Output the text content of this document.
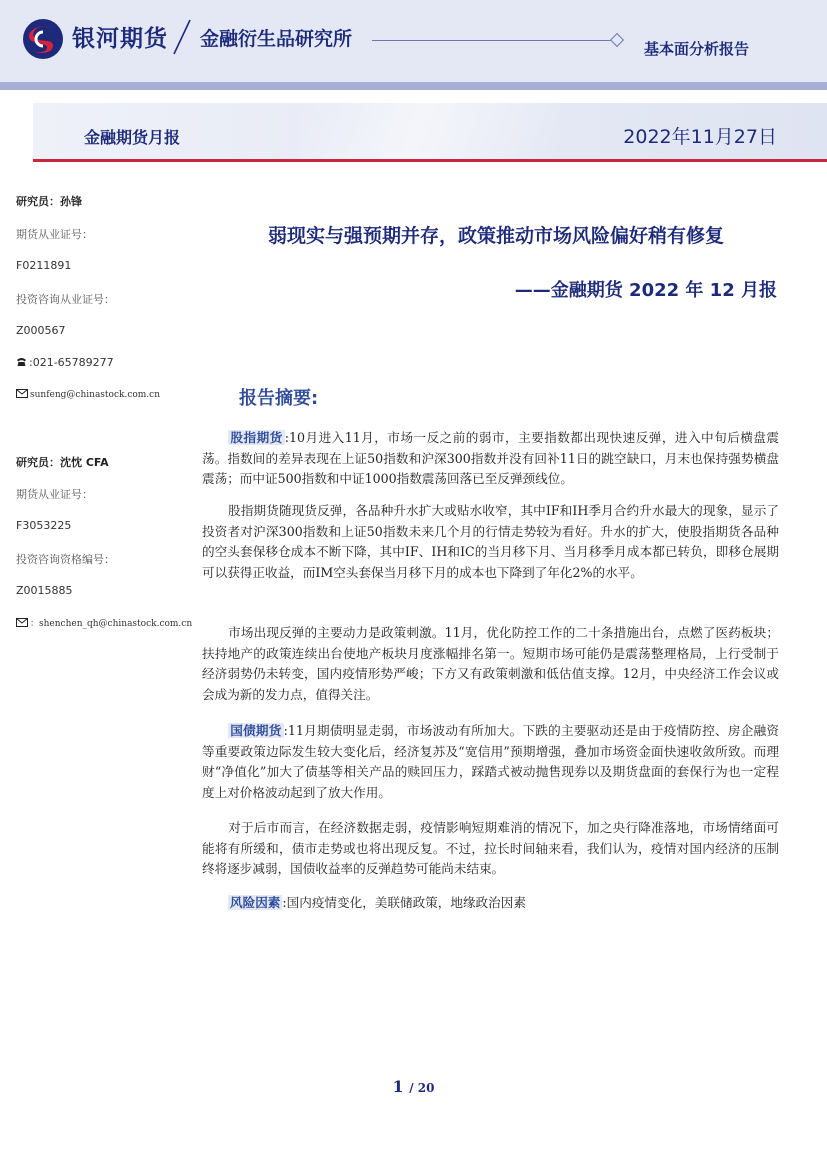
银河期货 金融衍生品研究所	基本面分析报告
金融期货月报	2022年11月27日
研究员：孙锋
期货从业证号：
F0211891
投资咨询从业证号：
Z000567
:021-65789277
sunfeng@chinastock.com.cn
研究员：沈忱 CFA
期货从业证号：
F3053225
投资咨询资格编号：
Z0015885
：shenchen_qh@chinastock.com.cn
弱现实与强预期并存，政策推动市场风险偏好稍有修复
——金融期货 2022 年 12 月报
报告摘要:
股指期货 :10月进入11月，市场一反之前的弱市，主要指数都出现快速反弹，进入中旬后横盘震荡。指数间的差异表现在上证50指数和沪深300指数并没有回补11日的跳空缺口，月末也保持强势横盘震荡；而中证500指数和中证1000指数震荡回落已至反弹颈线位。
股指期货随现货反弹，各品种升水扩大或贴水收窄，其中IF和IH季月合约升水最大的现象，显示了投资者对沪深300指数和上证50指数未来几个月的行情走势较为看好。升水的扩大，使股指期货各品种的空头套保移仓成本不断下降，其中IF、IH和IC的当月移下月、当月移季月成本都已转负，即移仓展期可以获得正收益，而IM空头套保当月移下月的成本也下降到了年化2%的水平。
市场出现反弹的主要动力是政策刺激。11月，优化防控工作的二十条措施出台，点燃了医药板块；扶持地产的政策连续出台使地产板块月度涨幅排名第一。短期市场可能仍是震荡整理格局，上行受制于经济弱势仍未转变，国内疫情形势严峻；下方又有政策刺激和低估值支撑。12月，中央经济工作会议或会成为新的发力点，值得关注。
国债期货 :11月期债明显走弱，市场波动有所加大。下跌的主要驱动还是由于疫情防控、房企融资等重要政策边际发生较大变化后，经济复苏及“宽信用”预期增强，叠加市场资金面快速收敛所致。而理财“净值化”加大了债基等相关产品的赎回压力，踩踏式被动抛售现券以及期货盘面的套保行为也一定程度上对价格波动起到了放大作用。
对于后市而言，在经济数据走弱，疫情影响短期难消的情况下，加之央行降准落地，市场情绪面可能将有所缓和，债市走势或也将出现反复。不过，拉长时间轴来看，我们认为，疫情对国内经济的压制终将逐步减弱，国债收益率的反弹趋势可能尚未结束。
风险因素 :国内疫情变化，美联储政策，地缘政治因素
1 / 20
